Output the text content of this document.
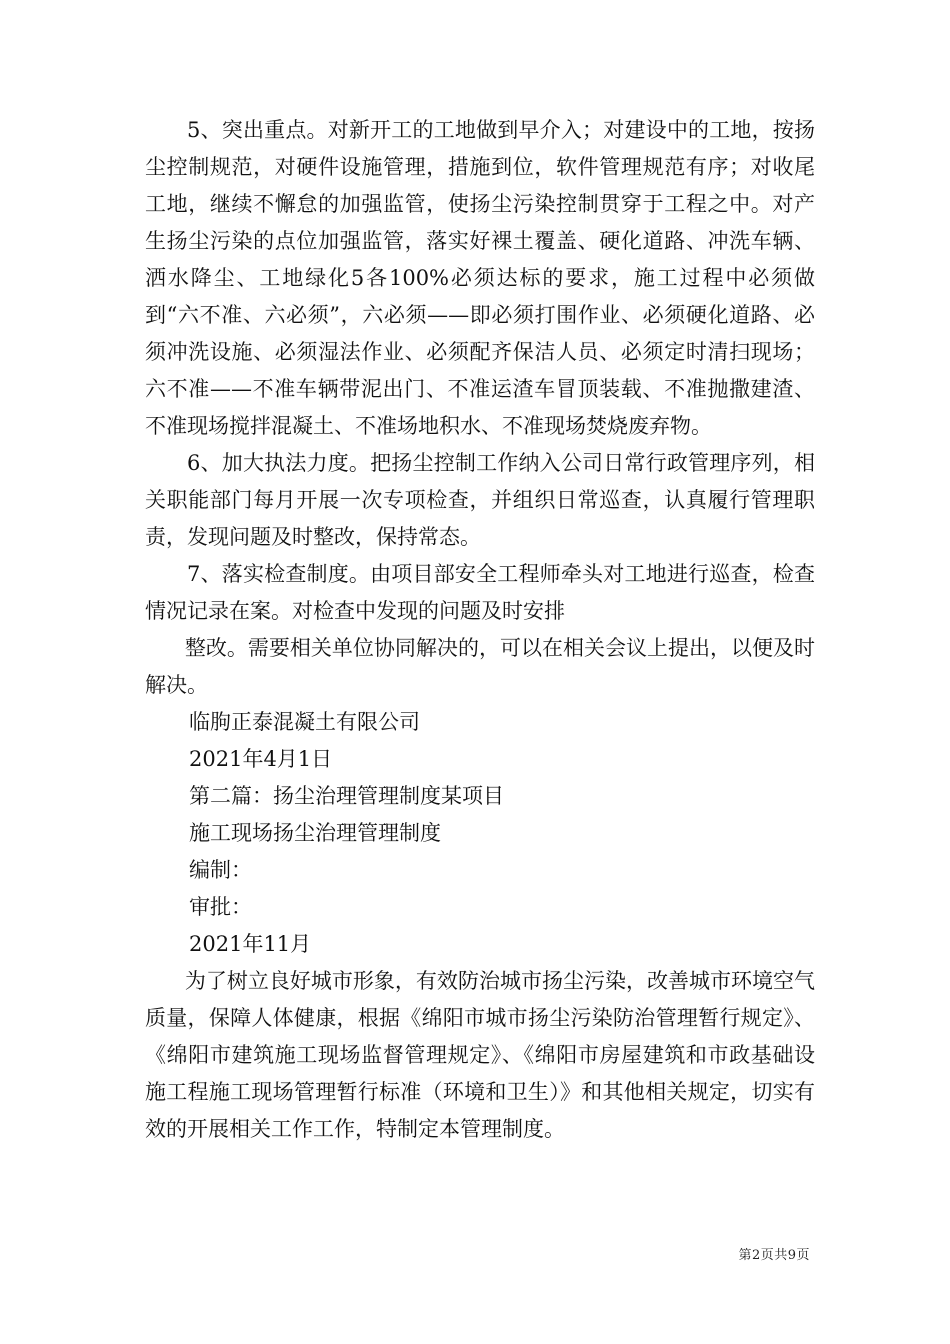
5、突出重点。对新开工的工地做到早介入；对建设中的工地，按扬尘控制规范，对硬件设施管理，措施到位，软件管理规范有序；对收尾工地，继续不懈怠的加强监管，使扬尘污染控制贯穿于工程之中。对产生扬尘污染的点位加强监管，落实好裸土覆盖、硬化道路、冲洗车辆、洒水降尘、工地绿化5各100%必须达标的要求，施工过程中必须做到“六不准、六必须”，六必须——即必须打围作业、必须硬化道路、必须冲洗设施、必须湿法作业、必须配齐保洁人员、必须定时清扫现场；六不准——不准车辆带泥出门、不准运渣车冒顶装载、不准抛撒建渣、不准现场搅拌混凝土、不准场地积水、不准现场焚烧废弃物。

6、加大执法力度。把扬尘控制工作纳入公司日常行政管理序列，相关职能部门每月开展一次专项检查，并组织日常巡查，认真履行管理职责，发现问题及时整改，保持常态。

7、落实检查制度。由项目部安全工程师牵头对工地进行巡查，检查情况记录在案。对检查中发现的问题及时安排

整改。需要相关单位协同解决的，可以在相关会议上提出，以便及时解决。

临朐正泰混凝土有限公司

2021年4月1日

第二篇：扬尘治理管理制度某项目

施工现场扬尘治理管理制度

编制：

审批：

2021年11月

为了树立良好城市形象，有效防治城市扬尘污染，改善城市环境空气质量，保障人体健康，根据《绵阳市城市扬尘污染防治管理暂行规定》、《绵阳市建筑施工现场监督管理规定》、《绵阳市房屋建筑和市政基础设施工程施工现场管理暂行标准（环境和卫生）》和其他相关规定，切实有效的开展相关工作工作，特制定本管理制度。

第2页共9页
